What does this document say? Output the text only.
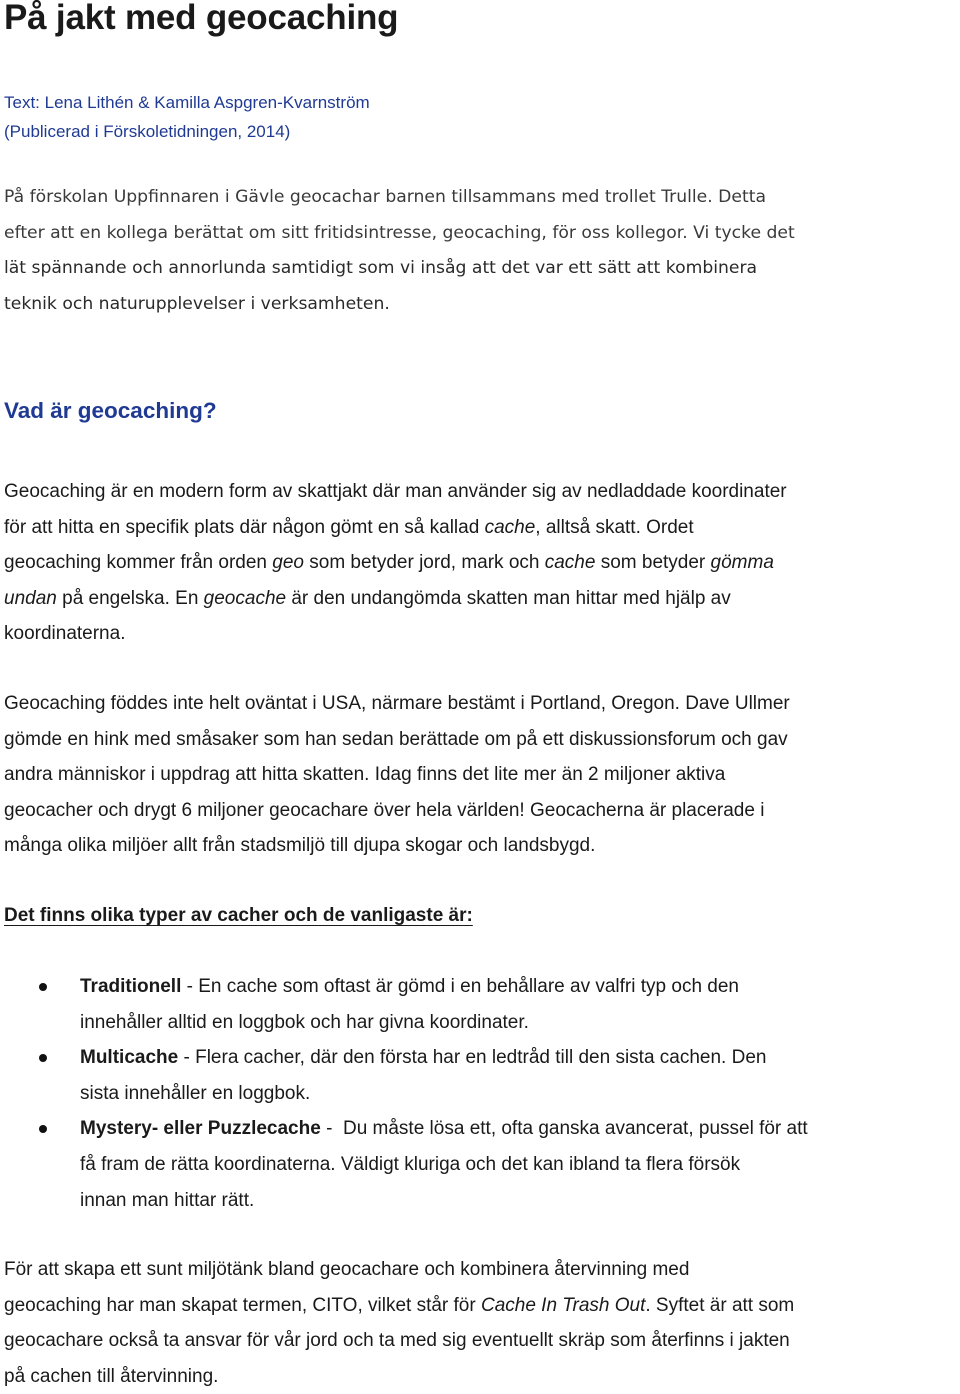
På jakt med geocaching
Text: Lena Lithén & Kamilla Aspgren-Kvarnström
(Publicerad i Förskoletidningen, 2014)

På förskolan Uppfinnaren i Gävle geocachar barnen tillsammans med trollet Trulle. Detta
efter att en kollega berättat om sitt fritidsintresse, geocaching, för oss kollegor. Vi tycke det
lät spännande och annorlunda samtidigt som vi insåg att det var ett sätt att kombinera
teknik och naturupplevelser i verksamheten.

Vad är geocaching?

Geocaching är en modern form av skattjakt där man använder sig av nedladdade koordinater
för att hitta en specifik plats där någon gömt en så kallad cache, alltså skatt. Ordet
geocaching kommer från orden geo som betyder jord, mark och cache som betyder gömma
undan på engelska. En geocache är den undangömda skatten man hittar med hjälp av
koordinaterna.

Geocaching föddes inte helt oväntat i USA, närmare bestämt i Portland, Oregon. Dave Ullmer
gömde en hink med småsaker som han sedan berättade om på ett diskussionsforum och gav
andra människor i uppdrag att hitta skatten. Idag finns det lite mer än 2 miljoner aktiva
geocacher och drygt 6 miljoner geocachare över hela världen! Geocacherna är placerade i
många olika miljöer allt från stadsmiljö till djupa skogar och landsbygd.

Det finns olika typer av cacher och de vanligaste är:
Traditionell - En cache som oftast är gömd i en behållare av valfri typ och den
innehåller alltid en loggbok och har givna koordinater.
Multicache - Flera cacher, där den första har en ledtråd till den sista cachen. Den
sista innehåller en loggbok.
Mystery- eller Puzzlecache -  Du måste lösa ett, ofta ganska avancerat, pussel för att
få fram de rätta koordinaterna. Väldigt kluriga och det kan ibland ta flera försök
innan man hittar rätt.

För att skapa ett sunt miljötänk bland geocachare och kombinera återvinning med
geocaching har man skapat termen, CITO, vilket står för Cache In Trash Out. Syftet är att som
geocachare också ta ansvar för vår jord och ta med sig eventuellt skräp som återfinns i jakten
på cachen till återvinning.
